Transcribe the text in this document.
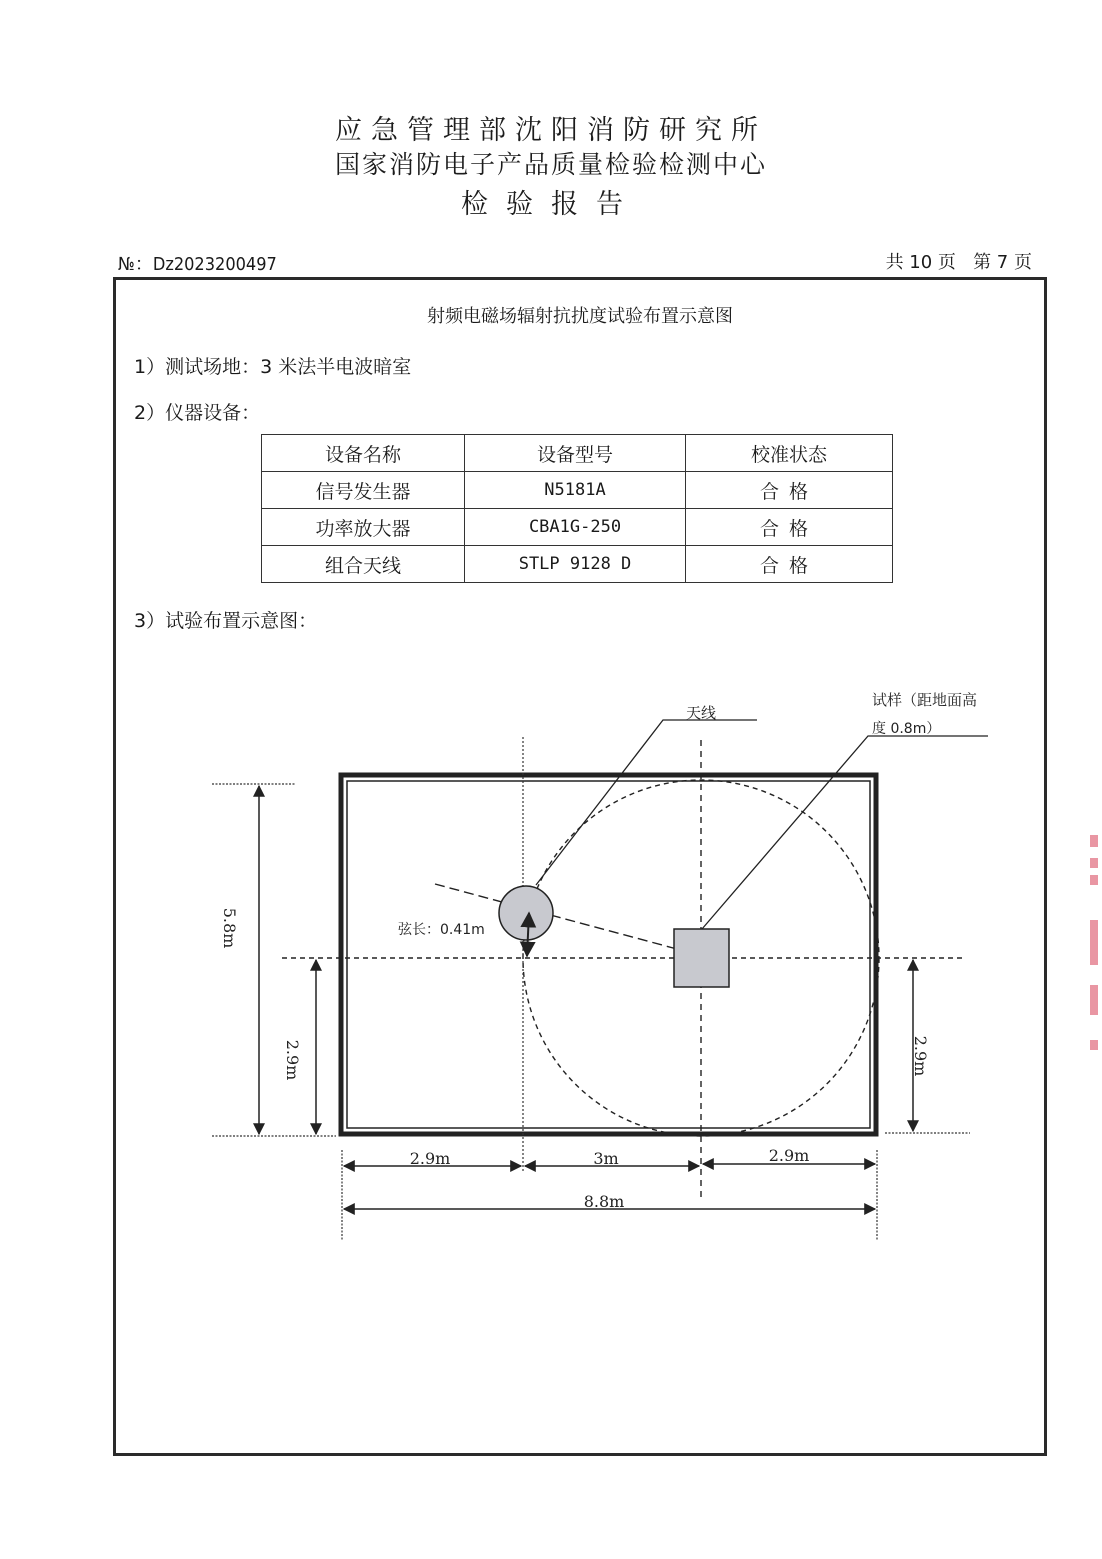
应急管理部沈阳消防研究所
国家消防电子产品质量检验检测中心
检验报告
№：Dz2023200497	共 10 页   第 7 页
射频电磁场辐射抗扰度试验布置示意图
1）测试场地：3 米法半电波暗室
2）仪器设备：
设备名称	设备型号	校准状态
信号发生器	N5181A	合格
功率放大器	CBA1G-250	合格
组合天线	STLP 9128 D	合格
3）试验布置示意图：
天线
试样（距地面高
度 0.8m）
弦长：0.41m
5.8m
2.9m	2.9m
2.9m	3m	2.9m
8.8m
